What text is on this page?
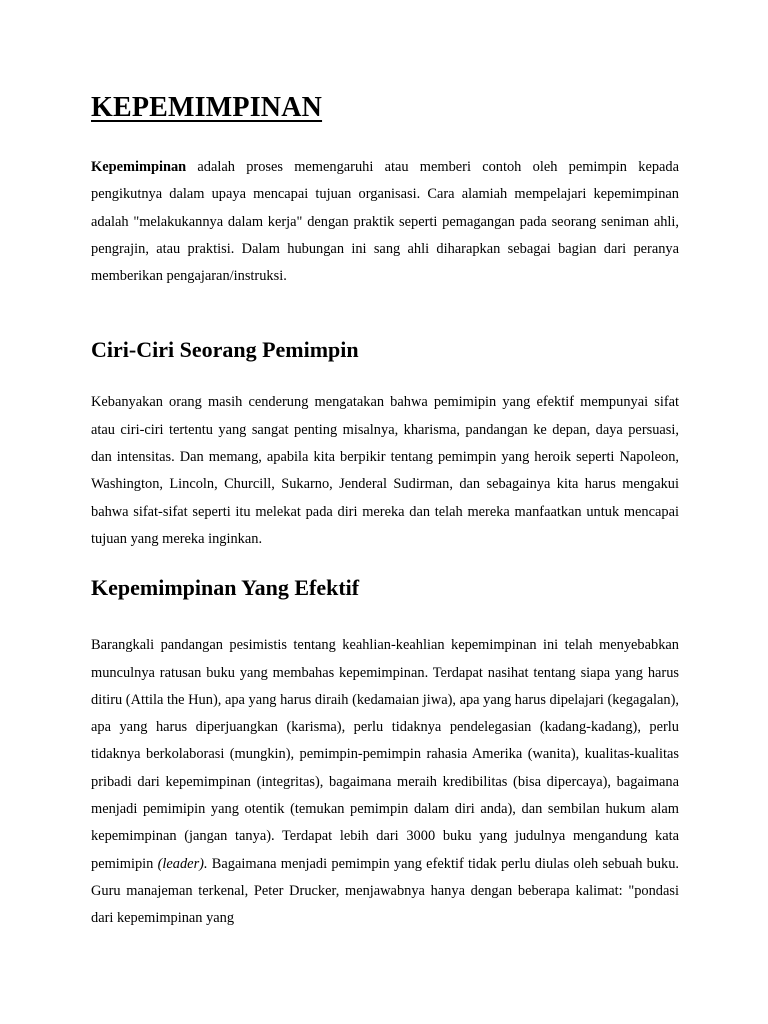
KEPEMIMPINAN

Kepemimpinan adalah proses memengaruhi atau memberi contoh oleh pemimpin kepada pengikutnya dalam upaya mencapai tujuan organisasi. Cara alamiah mempelajari kepemimpinan adalah "melakukannya dalam kerja" dengan praktik seperti pemagangan pada seorang seniman ahli, pengrajin, atau praktisi. Dalam hubungan ini sang ahli diharapkan sebagai bagian dari peranya memberikan pengajaran/instruksi.

Ciri-Ciri Seorang Pemimpin

Kebanyakan orang masih cenderung mengatakan bahwa pemimipin yang efektif mempunyai sifat atau ciri-ciri tertentu yang sangat penting misalnya, kharisma, pandangan ke depan, daya persuasi, dan intensitas. Dan memang, apabila kita berpikir tentang pemimpin yang heroik seperti Napoleon, Washington, Lincoln, Churcill, Sukarno, Jenderal Sudirman, dan sebagainya kita harus mengakui bahwa sifat-sifat seperti itu melekat pada diri mereka dan telah mereka manfaatkan untuk mencapai tujuan yang mereka inginkan.

Kepemimpinan Yang Efektif

Barangkali pandangan pesimistis tentang keahlian-keahlian kepemimpinan ini telah menyebabkan munculnya ratusan buku yang membahas kepemimpinan. Terdapat nasihat tentang siapa yang harus ditiru (Attila the Hun), apa yang harus diraih (kedamaian jiwa), apa yang harus dipelajari (kegagalan), apa yang harus diperjuangkan (karisma), perlu tidaknya pendelegasian (kadang-kadang), perlu tidaknya berkolaborasi (mungkin), pemimpin-pemimpin rahasia Amerika (wanita), kualitas-kualitas pribadi dari kepemimpinan (integritas), bagaimana meraih kredibilitas (bisa dipercaya), bagaimana menjadi pemimipin yang otentik (temukan pemimpin dalam diri anda), dan sembilan hukum alam kepemimpinan (jangan tanya). Terdapat lebih dari 3000 buku yang judulnya mengandung kata pemimipin (leader). Bagaimana menjadi pemimpin yang efektif tidak perlu diulas oleh sebuah buku. Guru manajeman terkenal, Peter Drucker, menjawabnya hanya dengan beberapa kalimat: "pondasi dari kepemimpinan yang
